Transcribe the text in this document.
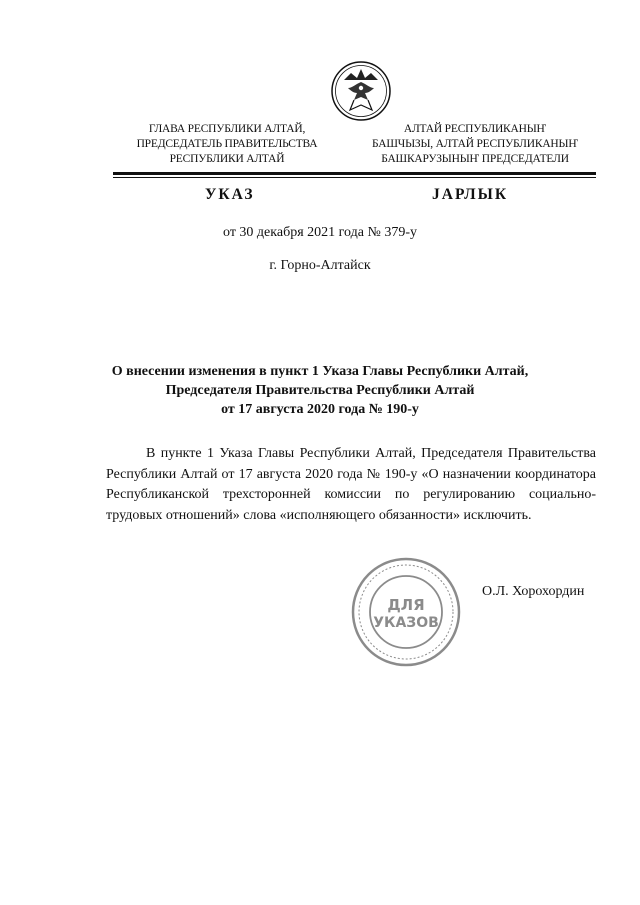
ГЛАВА РЕСПУБЛИКИ АЛТАЙ,
ПРЕДСЕДАТЕЛЬ ПРАВИТЕЛЬСТВА
РЕСПУБЛИКИ АЛТАЙ
АЛТАЙ РЕСПУБЛИКАНЫҤ
БАШЧЫЗЫ, АЛТАЙ РЕСПУБЛИКАНЫҤ
БАШКАРУЗЫНЫҤ ПРЕДСЕДАТЕЛИ
УКАЗ	JАРЛЫК
от 30 декабря 2021 года № 379-у
г. Горно-Алтайск
О внесении изменения в пункт 1 Указа Главы Республики Алтай,
Председателя Правительства Республики Алтай
от 17 августа 2020 года № 190-у
В пункте 1 Указа Главы Республики Алтай, Председателя Правительства Республики Алтай от 17 августа 2020 года № 190-у «О назначении координатора Республиканской трехсторонней комиссии по регулированию социально-трудовых отношений» слова «исполняющего обязанности» исключить.
ДЛЯ
УКАЗОВ
О.Л. Хорохордин
